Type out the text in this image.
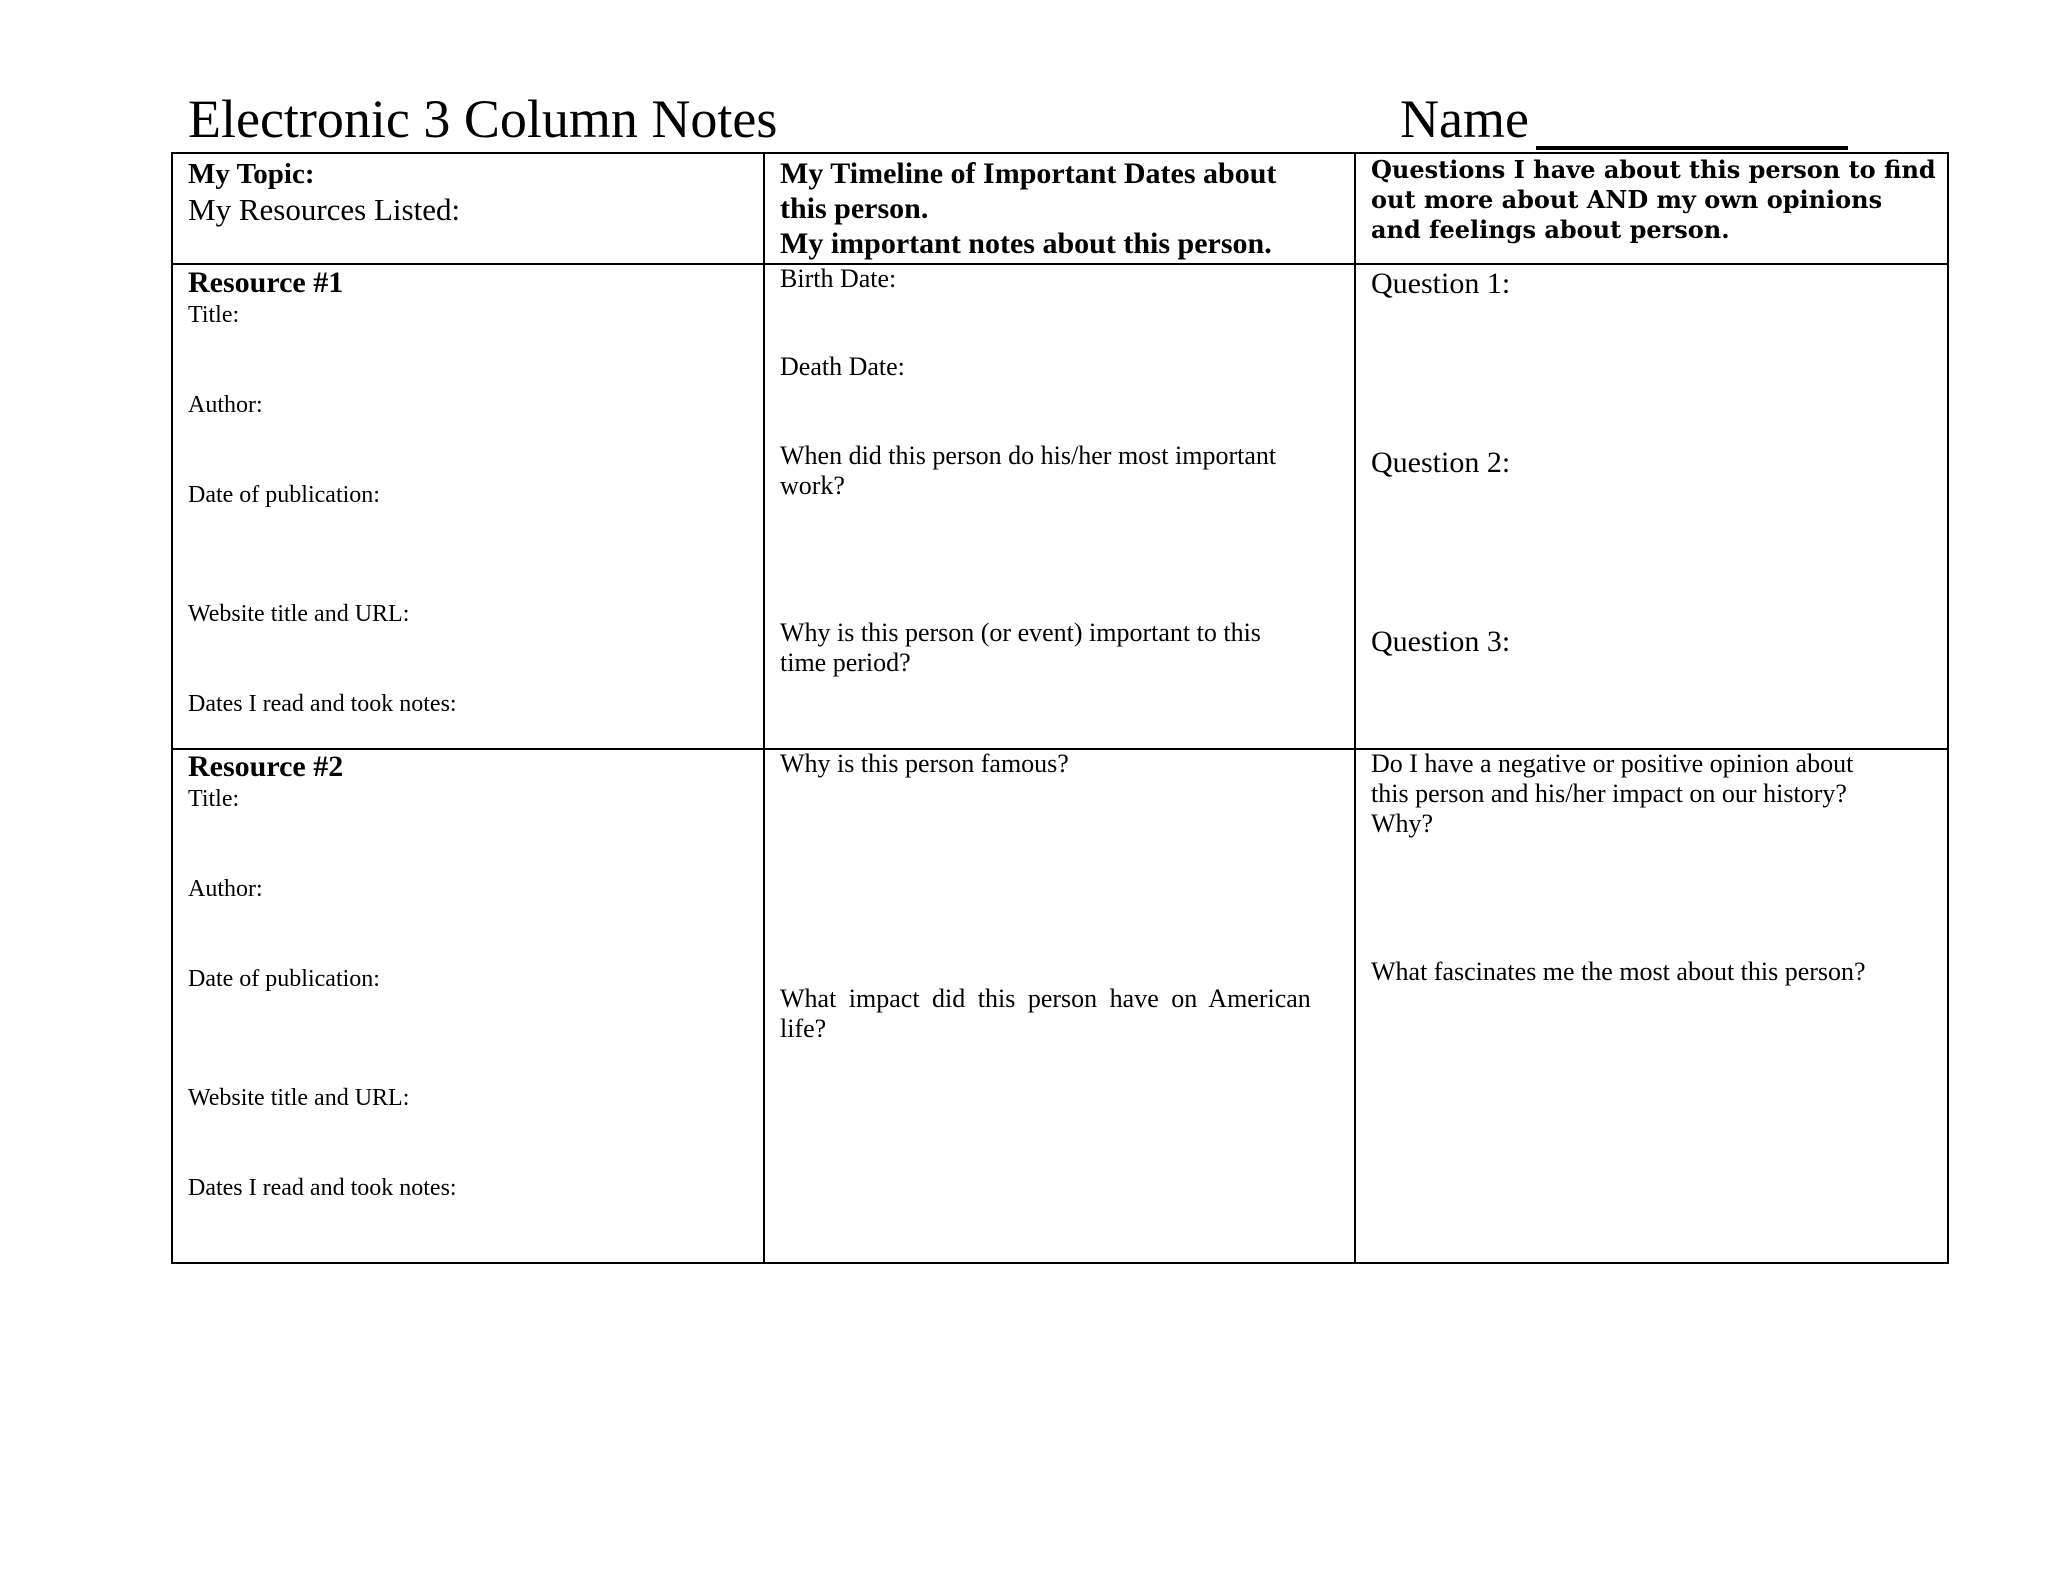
Electronic 3 Column Notes	Name
My Topic:
My Resources Listed:
My Timeline of Important Dates about
this person.
My important notes about this person.
Questions I have about this person to find
out more about AND my own opinions
and feelings about person.
Resource #1
Title:
Author:
Date of publication:
Website title and URL:
Dates I read and took notes:
Birth Date:
Death Date:
When did this person do his/her most important
work?
Why is this person (or event) important to this
time period?
Question 1:
Question 2:
Question 3:
Resource #2
Title:
Author:
Date of publication:
Website title and URL:
Dates I read and took notes:
Why is this person famous?
What impact did this person have on American
life?
Do I have a negative or positive opinion about
this person and his/her impact on our history?
Why?
What fascinates me the most about this person?
